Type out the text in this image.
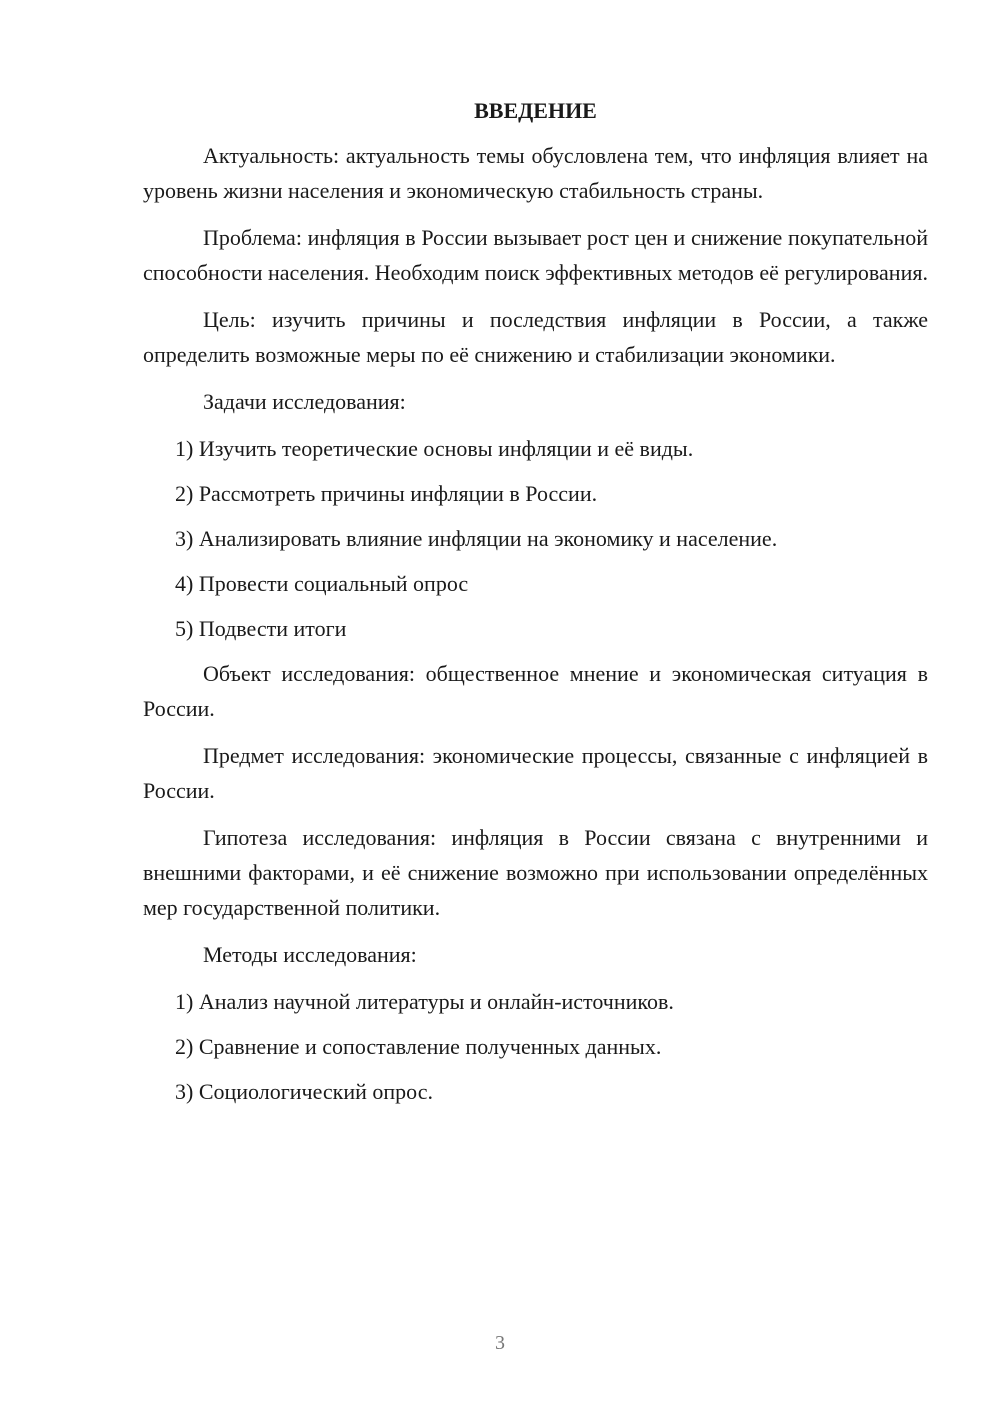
ВВЕДЕНИЕ

Актуальность: актуальность темы обусловлена тем, что инфляция влияет на уровень жизни населения и экономическую стабильность страны.

Проблема: инфляция в России вызывает рост цен и снижение покупательной способности населения. Необходим поиск эффективных методов её регулирования.

Цель: изучить причины и последствия инфляции в России, а также определить возможные меры по её снижению и стабилизации экономики.

Задачи исследования:

1) Изучить теоретические основы инфляции и её виды.
2) Рассмотреть причины инфляции в России.
3) Анализировать влияние инфляции на экономику и население.
4) Провести социальный опрос
5) Подвести итоги

Объект исследования: общественное мнение и экономическая ситуация в России.

Предмет исследования: экономические процессы, связанные с инфляцией в России.

Гипотеза исследования: инфляция в России связана с внутренними и внешними факторами, и её снижение возможно при использовании определённых мер государственной политики.

Методы исследования:

1) Анализ научной литературы и онлайн-источников.
2) Сравнение и сопоставление полученных данных.
3) Социологический опрос.
3
